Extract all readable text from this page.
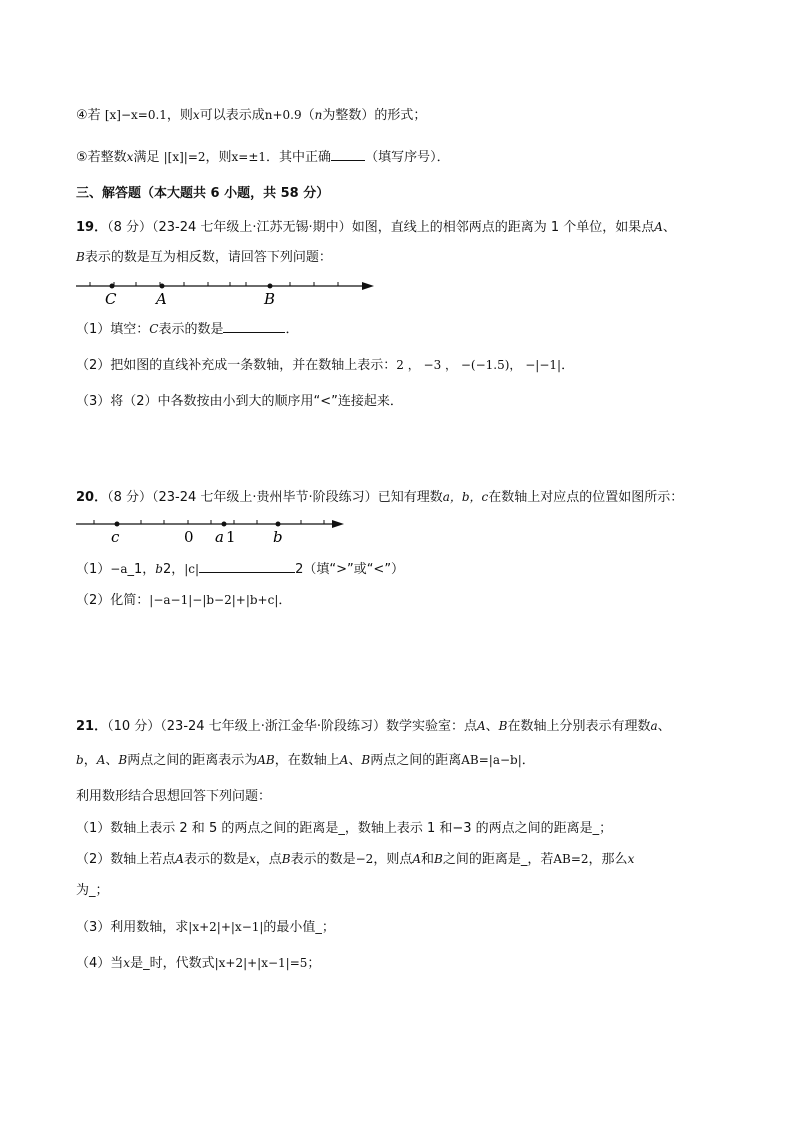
④若 [x]−x=0.1，则x可以表示成n+0.9（n为整数）的形式；
⑤若整数x满足 |[x]|=2，则x=±1．其中正确	（填写序号）．
三、解答题（本大题共 6 小题，共 58 分）
19．（8 分）（23-24 七年级上·江苏无锡·期中）如图，直线上的相邻两点的距离为 1 个单位，如果点A、
B表示的数是互为相反数，请回答下列问题：
C	A	B
（1）填空：C表示的数是	．
（2）把如图的直线补充成一条数轴，并在数轴上表示：2 ， −3 ， −(−1.5)， −|−1|．
（3）将（2）中各数按由小到大的顺序用“<”连接起来．
20．（8 分）（23-24 七年级上·贵州毕节·阶段练习）已知有理数a，b，c在数轴上对应点的位置如图所示：
c	0 a 1 b
（1）−a_1，b2，|c|	2（填“>”或“<”）
（2）化简：|−a−1|−|b−2|+|b+c|．
21．（10 分）（23-24 七年级上·浙江金华·阶段练习）数学实验室：点A、B在数轴上分别表示有理数a、
b，A、B两点之间的距离表示为AB，在数轴上A、B两点之间的距离AB=|a−b|．
利用数形结合思想回答下列问题：
（1）数轴上表示 2 和 5 的两点之间的距离是_，数轴上表示 1 和−3 的两点之间的距离是_；
（2）数轴上若点A表示的数是x，点B表示的数是−2，则点A和B之间的距离是_，若AB=2，那么x
为_；
（3）利用数轴，求|x+2|+|x−1|的最小值_；
（4）当x是_时，代数式|x+2|+|x−1|=5；
